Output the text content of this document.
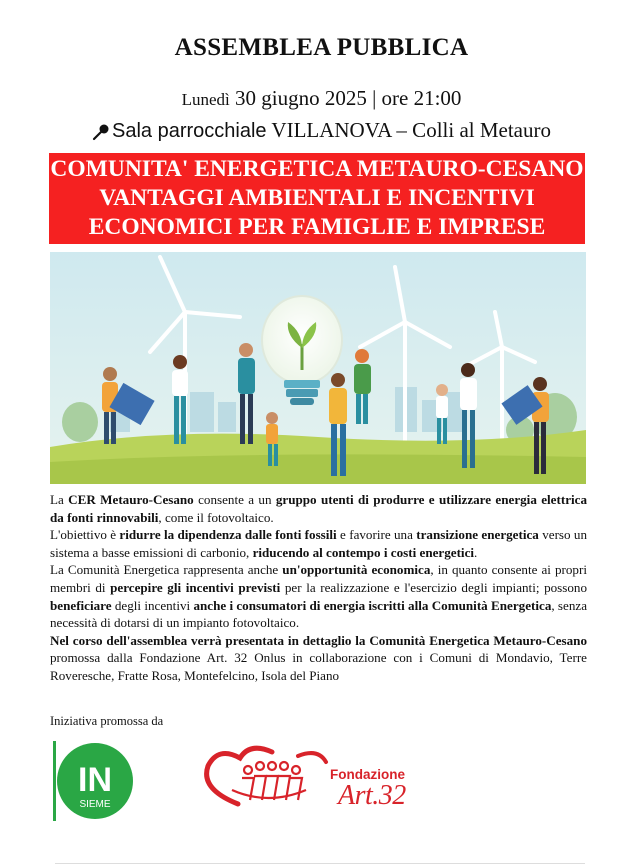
ASSEMBLEA PUBBLICA
Lunedì 30 giugno 2025 | ore 21:00
Sala parrocchiale VILLANOVA – Colli al Metauro
COMUNITA' ENERGETICA METAURO-CESANO
VANTAGGI AMBIENTALI E INCENTIVI
ECONOMICI PER FAMIGLIE E IMPRESE

La CER Metauro-Cesano consente a un gruppo utenti di produrre e utilizzare energia elettrica da fonti rinnovabili, come il fotovoltaico.

L'obiettivo è ridurre la dipendenza dalle fonti fossili e favorire una transizione energetica verso un sistema a basse emissioni di carbonio, riducendo al contempo i costi energetici.

La Comunità Energetica rappresenta anche un'opportunità economica, in quanto consente ai propri membri di percepire gli incentivi previsti per la realizzazione e l'esercizio degli impianti; possono beneficiare degli incentivi anche i consumatori di energia iscritti alla Comunità Energetica, senza necessità di dotarsi di un impianto fotovoltaico.

Nel corso dell'assemblea verrà presentata in dettaglio la Comunità Energetica Metauro-Cesano promossa dalla Fondazione Art. 32 Onlus in collaborazione con i Comuni di Mondavio, Terre Roveresche, Fratte Rosa, Montefelcino, Isola del Piano

Iniziativa promossa da
IN
SIEME
Fondazione
Art.32
